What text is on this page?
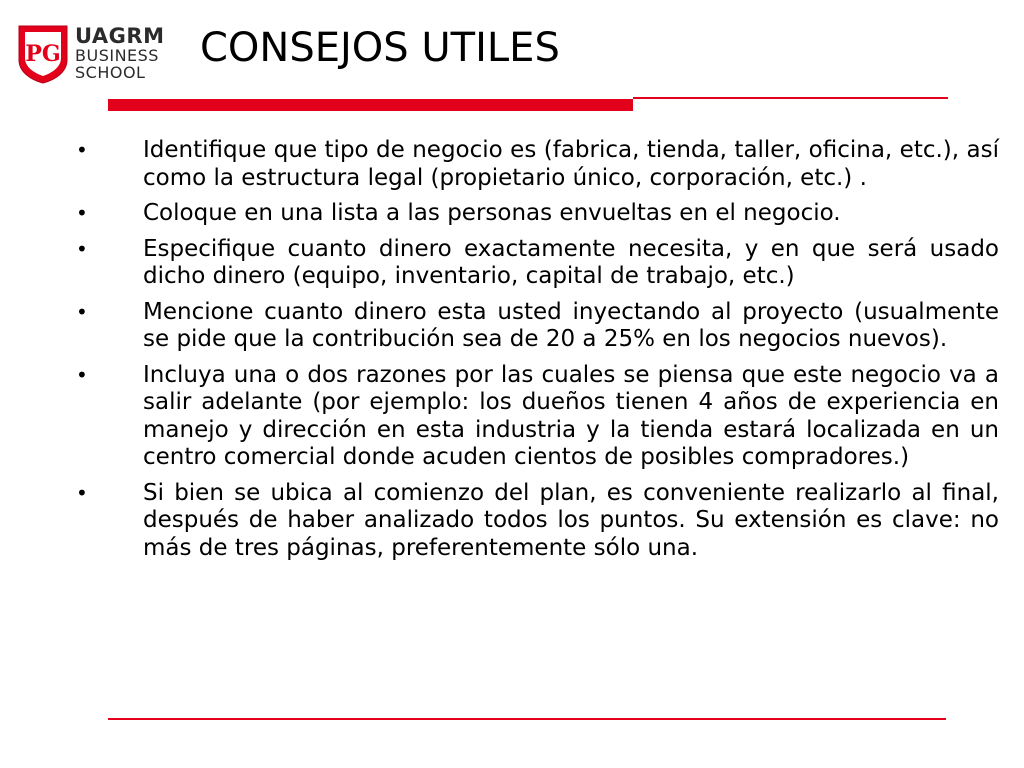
PG
UAGRM
BUSINESS
SCHOOL
CONSEJOS UTILES
• Identifique que tipo de negocio es (fabrica, tienda, taller, oficina, etc.), así como la estructura legal (propietario único, corporación, etc.) .
• Coloque en una lista a las personas envueltas en el negocio.
• Especifique cuanto dinero exactamente necesita, y en que será usado dicho dinero (equipo, inventario, capital de trabajo, etc.)
• Mencione cuanto dinero esta usted inyectando al proyecto (usualmente se pide que la contribución sea de 20 a 25% en los negocios nuevos).
• Incluya una o dos razones por las cuales se piensa que este negocio va a salir adelante (por ejemplo: los dueños tienen 4 años de experiencia en manejo y dirección en esta industria y la tienda estará localizada en un centro comercial donde acuden cientos de posibles compradores.)
• Si bien se ubica al comienzo del plan, es conveniente realizarlo al final, después de haber analizado todos los puntos. Su extensión es clave: no más de tres páginas, preferentemente sólo una.
